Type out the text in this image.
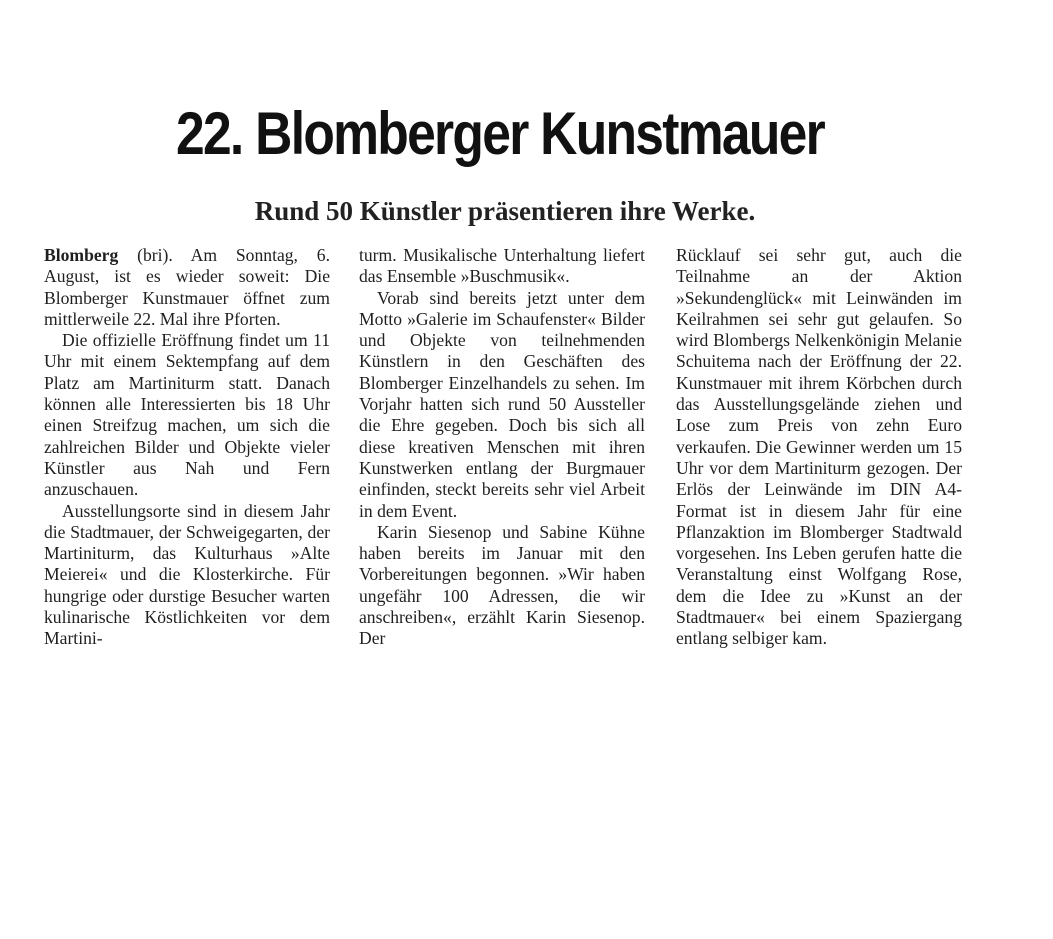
22. Blomberger Kunstmauer
Rund 50 Künstler präsentieren ihre Werke.

Blomberg (bri). Am Sonntag, 6. August, ist es wieder soweit: Die Blomberger Kunstmauer öffnet zum mittlerweile 22. Mal ihre Pforten.

Die offizielle Eröffnung findet um 11 Uhr mit einem Sektempfang auf dem Platz am Martiniturm statt. Danach können alle Interessierten bis 18 Uhr einen Streifzug machen, um sich die zahlreichen Bilder und Objekte vieler Künstler aus Nah und Fern anzuschauen.

Ausstellungsorte sind in diesem Jahr die Stadtmauer, der Schweigegarten, der Martiniturm, das Kulturhaus »Alte Meierei« und die Klosterkirche. Für hungrige oder durstige Besucher warten kulinarische Köstlichkeiten vor dem Martini-

turm. Musikalische Unterhaltung liefert das Ensemble »Buschmusik«.

Vorab sind bereits jetzt unter dem Motto »Galerie im Schaufenster« Bilder und Objekte von teilnehmenden Künstlern in den Geschäften des Blomberger Einzelhandels zu sehen. Im Vorjahr hatten sich rund 50 Aussteller die Ehre gegeben. Doch bis sich all diese kreativen Menschen mit ihren Kunstwerken entlang der Burgmauer einfinden, steckt bereits sehr viel Arbeit in dem Event.

Karin Siesenop und Sabine Kühne haben bereits im Januar mit den Vorbereitungen begonnen. »Wir haben ungefähr 100 Adressen, die wir anschreiben«, erzählt Karin Siesenop. Der

Rücklauf sei sehr gut, auch die Teilnahme an der Aktion »Sekundenglück« mit Leinwänden im Keilrahmen sei sehr gut gelaufen. So wird Blombergs Nelkenkönigin Melanie Schuitema nach der Eröffnung der 22. Kunstmauer mit ihrem Körbchen durch das Ausstellungsgelände ziehen und Lose zum Preis von zehn Euro verkaufen. Die Gewinner werden um 15 Uhr vor dem Martiniturm gezogen. Der Erlös der Leinwände im DIN A4-Format ist in diesem Jahr für eine Pflanzaktion im Blomberger Stadtwald vorgesehen. Ins Leben gerufen hatte die Veranstaltung einst Wolfgang Rose, dem die Idee zu »Kunst an der Stadtmauer« bei einem Spaziergang entlang selbiger kam.
